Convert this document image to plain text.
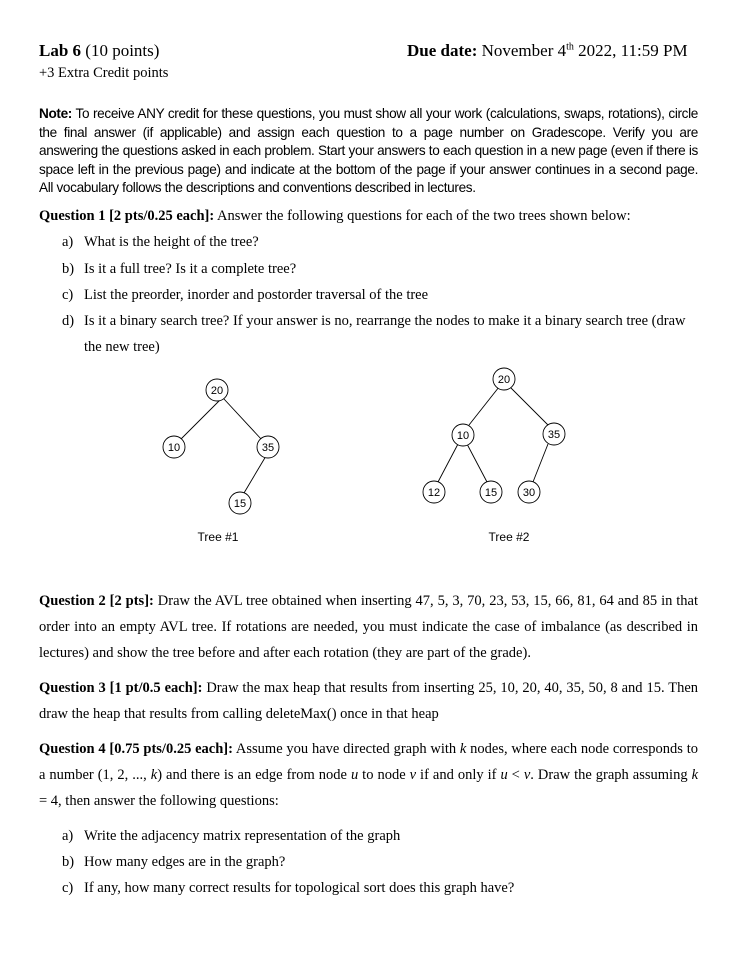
Lab 6 (10 points)	Due date: November 4th 2022, 11:59 PM
+3 Extra Credit points
Note: To receive ANY credit for these questions, you must show all your work (calculations, swaps, rotations), circle the final answer (if applicable) and assign each question to a page number on Gradescope. Verify you are answering the questions asked in each problem. Start your answers to each question in a new page (even if there is space left in the previous page) and indicate at the bottom of the page if your answer continues in a second page. All vocabulary follows the descriptions and conventions described in lectures.
Question 1 [2 pts/0.25 each]: Answer the following questions for each of the two trees shown below:
a) What is the height of the tree?
b) Is it a full tree? Is it a complete tree?
c) List the preorder, inorder and postorder traversal of the tree
d) Is it a binary search tree? If your answer is no, rearrange the nodes to make it a binary search tree (draw
the new tree)
20
10	35
15
Tree #1
20
10	35
12	15 30
Tree #2
Question 2 [2 pts]: Draw the AVL tree obtained when inserting 47, 5, 3, 70, 23, 53, 15, 66, 81, 64 and 85 in that order into an empty AVL tree. If rotations are needed, you must indicate the case of imbalance (as described in lectures) and show the tree before and after each rotation (they are part of the grade).
Question 3 [1 pt/0.5 each]: Draw the max heap that results from inserting 25, 10, 20, 40, 35, 50, 8 and 15. Then draw the heap that results from calling deleteMax() once in that heap
Question 4 [0.75 pts/0.25 each]: Assume you have directed graph with k nodes, where each node corresponds to a number (1, 2, ..., k) and there is an edge from node u to node v if and only if u < v. Draw the graph assuming k = 4, then answer the following questions:
a) Write the adjacency matrix representation of the graph
b) How many edges are in the graph?
c) If any, how many correct results for topological sort does this graph have?
